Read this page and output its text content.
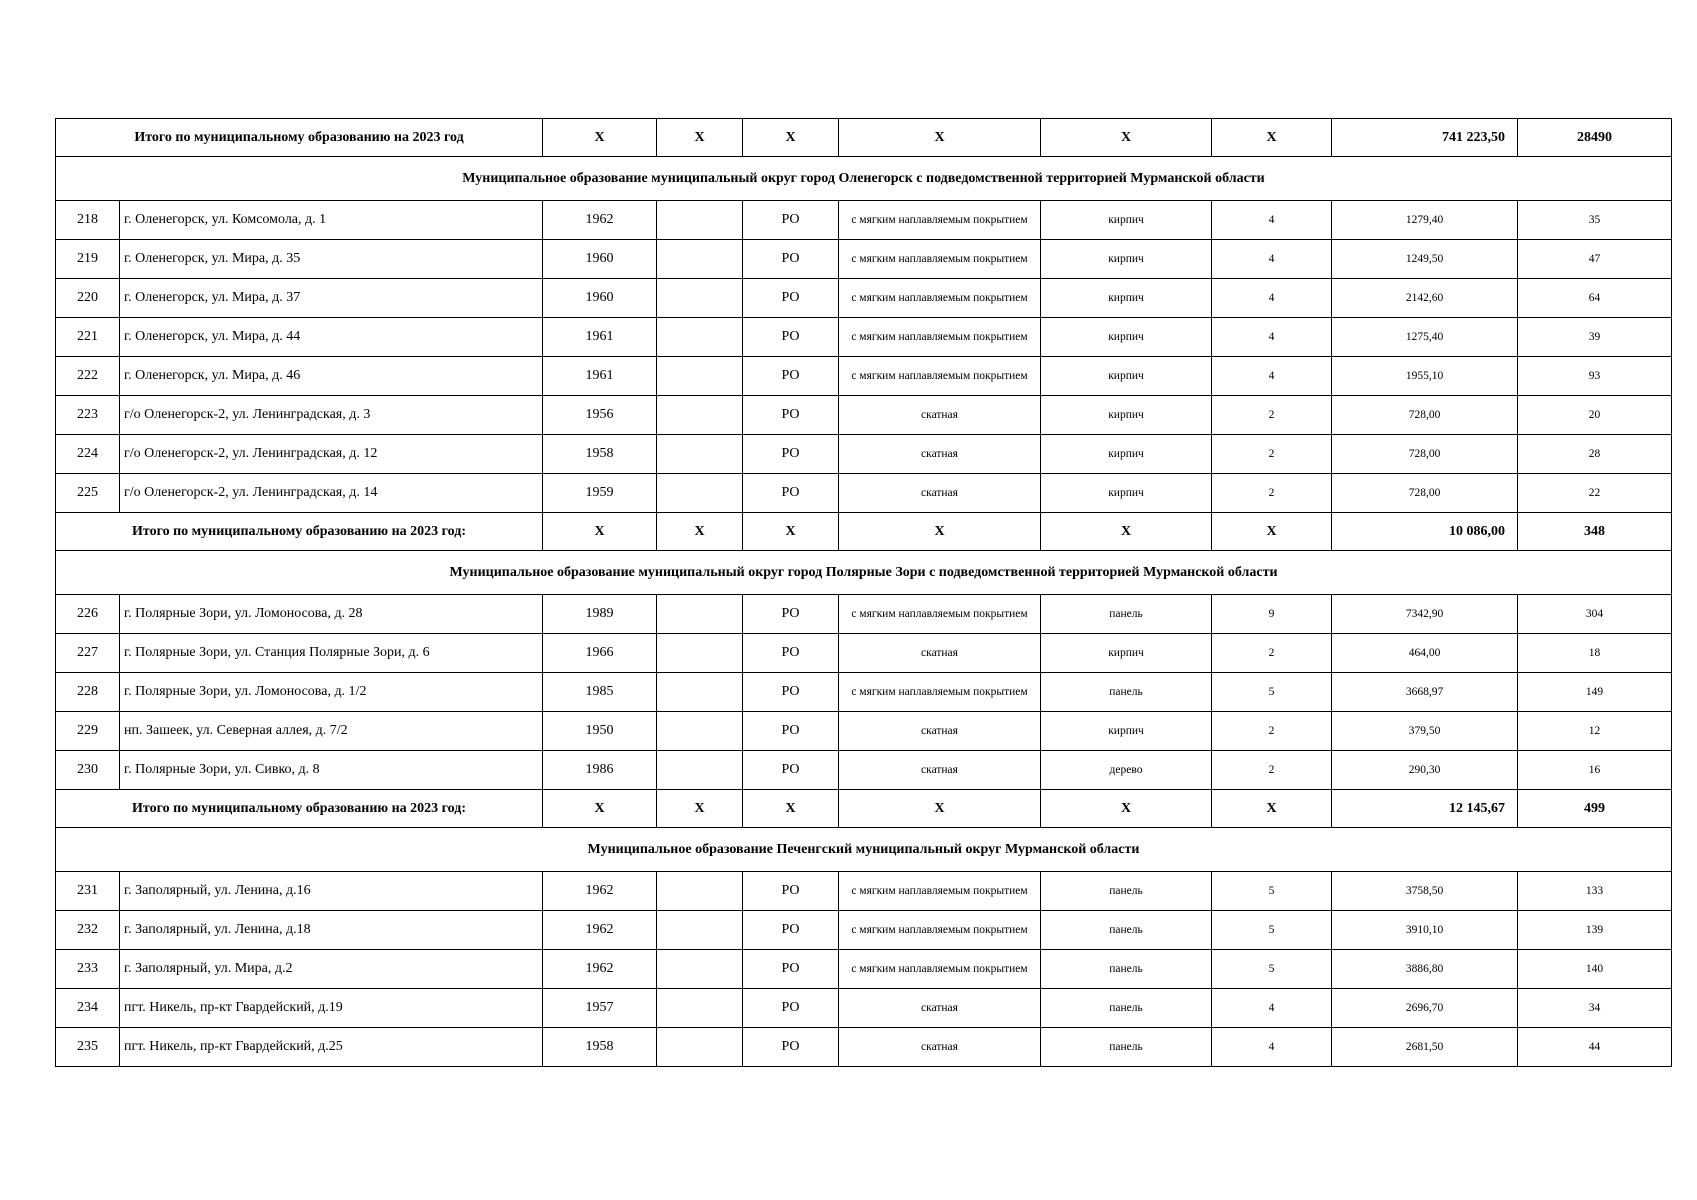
Итого по муниципальному образованию на 2023 год		Х	Х	Х	Х	Х	Х	741 223,50	28490
Муниципальное образование муниципальный округ город Оленегорск с подведомственной территорией Мурманской области									
218	г. Оленегорск, ул. Комсомола, д. 1	1962		РО	с мягким наплавляемым покрытием	кирпич	4	1279,40	35
219	г. Оленегорск, ул. Мира, д. 35	1960		РО	с мягким наплавляемым покрытием	кирпич	4	1249,50	47
220	г. Оленегорск, ул. Мира, д. 37	1960		РО	с мягким наплавляемым покрытием	кирпич	4	2142,60	64
221	г. Оленегорск, ул. Мира, д. 44	1961		РО	с мягким наплавляемым покрытием	кирпич	4	1275,40	39
222	г. Оленегорск, ул. Мира, д. 46	1961		РО	с мягким наплавляемым покрытием	кирпич	4	1955,10	93
223	г/о Оленегорск-2, ул. Ленинградская, д. 3	1956		РО	скатная	кирпич	2	728,00	20
224	г/о Оленегорск-2, ул. Ленинградская, д. 12	1958		РО	скатная	кирпич	2	728,00	28
225	г/о Оленегорск-2, ул. Ленинградская, д. 14	1959		РО	скатная	кирпич	2	728,00	22
Итого по муниципальному образованию на 2023 год:		Х	Х	Х	Х	Х	Х	10 086,00	348
Муниципальное образование муниципальный округ город Полярные Зори с подведомственной территорией Мурманской области									
226	г. Полярные Зори, ул. Ломоносова, д. 28	1989		РО	с мягким наплавляемым покрытием	панель	9	7342,90	304
227	г. Полярные Зори, ул. Станция Полярные Зори, д. 6	1966		РО	скатная	кирпич	2	464,00	18
228	г. Полярные Зори, ул. Ломоносова, д. 1/2	1985		РО	с мягким наплавляемым покрытием	панель	5	3668,97	149
229	нп. Зашеек, ул. Северная аллея, д. 7/2	1950		РО	скатная	кирпич	2	379,50	12
230	г. Полярные Зори, ул. Сивко, д. 8	1986		РО	скатная	дерево	2	290,30	16
Итого по муниципальному образованию на 2023 год:		Х	Х	Х	Х	Х	Х	12 145,67	499
Муниципальное образование Печенгский муниципальный округ Мурманской области									
231	г. Заполярный, ул. Ленина, д.16	1962		РО	с мягким наплавляемым покрытием	панель	5	3758,50	133
232	г. Заполярный, ул. Ленина, д.18	1962		РО	с мягким наплавляемым покрытием	панель	5	3910,10	139
233	г. Заполярный, ул. Мира, д.2	1962		РО	с мягким наплавляемым покрытием	панель	5	3886,80	140
234	пгт. Никель, пр-кт Гвардейский, д.19	1957		РО	скатная	панель	4	2696,70	34
235	пгт. Никель, пр-кт Гвардейский, д.25	1958		РО	скатная	панель	4	2681,50	44
